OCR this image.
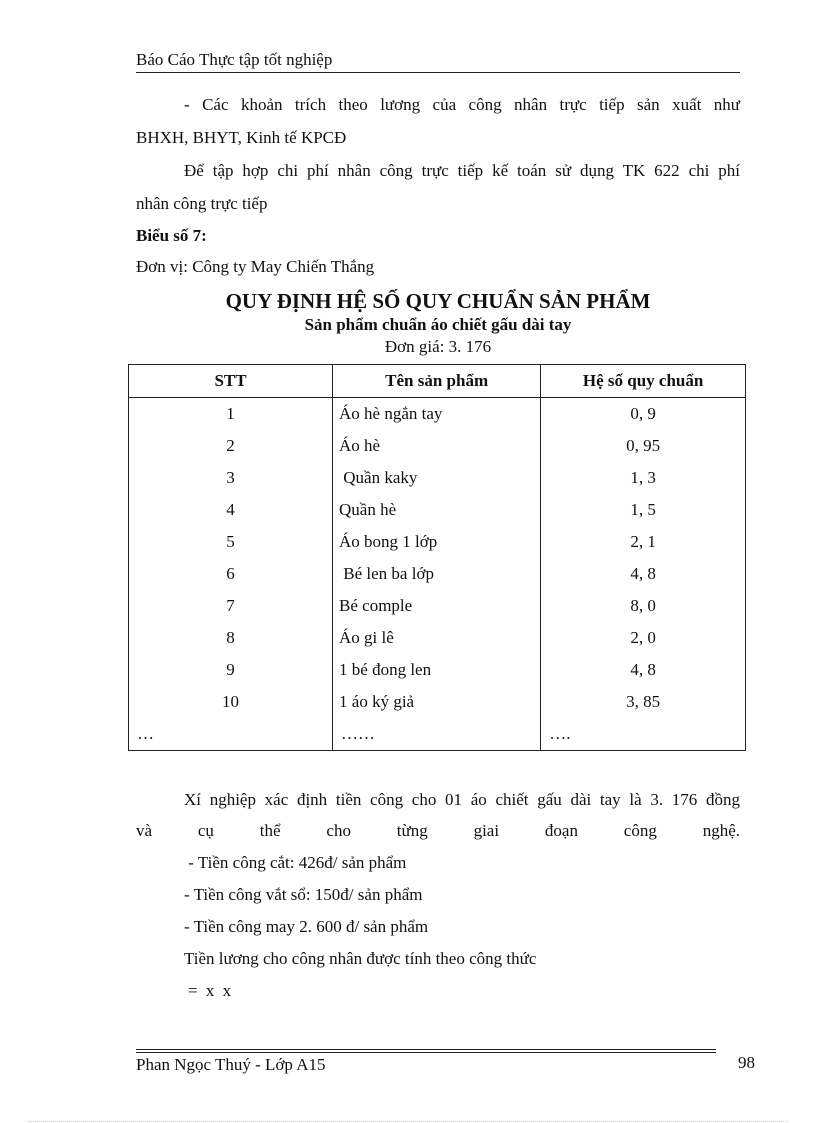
Báo Cáo Thực tập tốt nghiệp
- Các khoản trích theo lương của công nhân trực tiếp sản xuất như
BHXH, BHYT, Kinh tế KPCĐ
Để tập hợp chi phí nhân công trực tiếp kế toán sử dụng TK 622 chi phí
nhân công trực tiếp
Biểu số 7:
Đơn vị: Công ty May Chiến Thắng
QUY ĐỊNH HỆ SỐ QUY CHUẨN SẢN PHẨM
Sản phẩm chuẩn áo chiết gấu dài tay
Đơn giá: 3. 176
STT	Tên sản phẩm	Hệ số quy chuẩn
1	Áo hè ngắn tay	0, 9
2	Áo hè	0, 95
3	Quần kaky	1, 3
4	Quần hè	1, 5
5	Áo bong 1 lớp	2, 1
6	Bé len ba lớp	4, 8
7	Bé comple	8, 0
8	Áo gi lê	2, 0
9	1 bé đong len	4, 8
10	1 áo ký giả	3, 85
…	……	….
Xí nghiệp xác định tiền công cho 01 áo chiết gấu dài tay là 3. 176 đồng
và cụ thể cho từng giai đoạn công nghệ.
- Tiền công cắt: 426đ/ sản phẩm
- Tiền công vắt sổ: 150đ/ sản phẩm
- Tiền công may 2. 600 đ/ sản phẩm
Tiền lương cho công nhân được tính theo công thức
= x x
Phan Ngọc Thuý - Lớp A15	98
